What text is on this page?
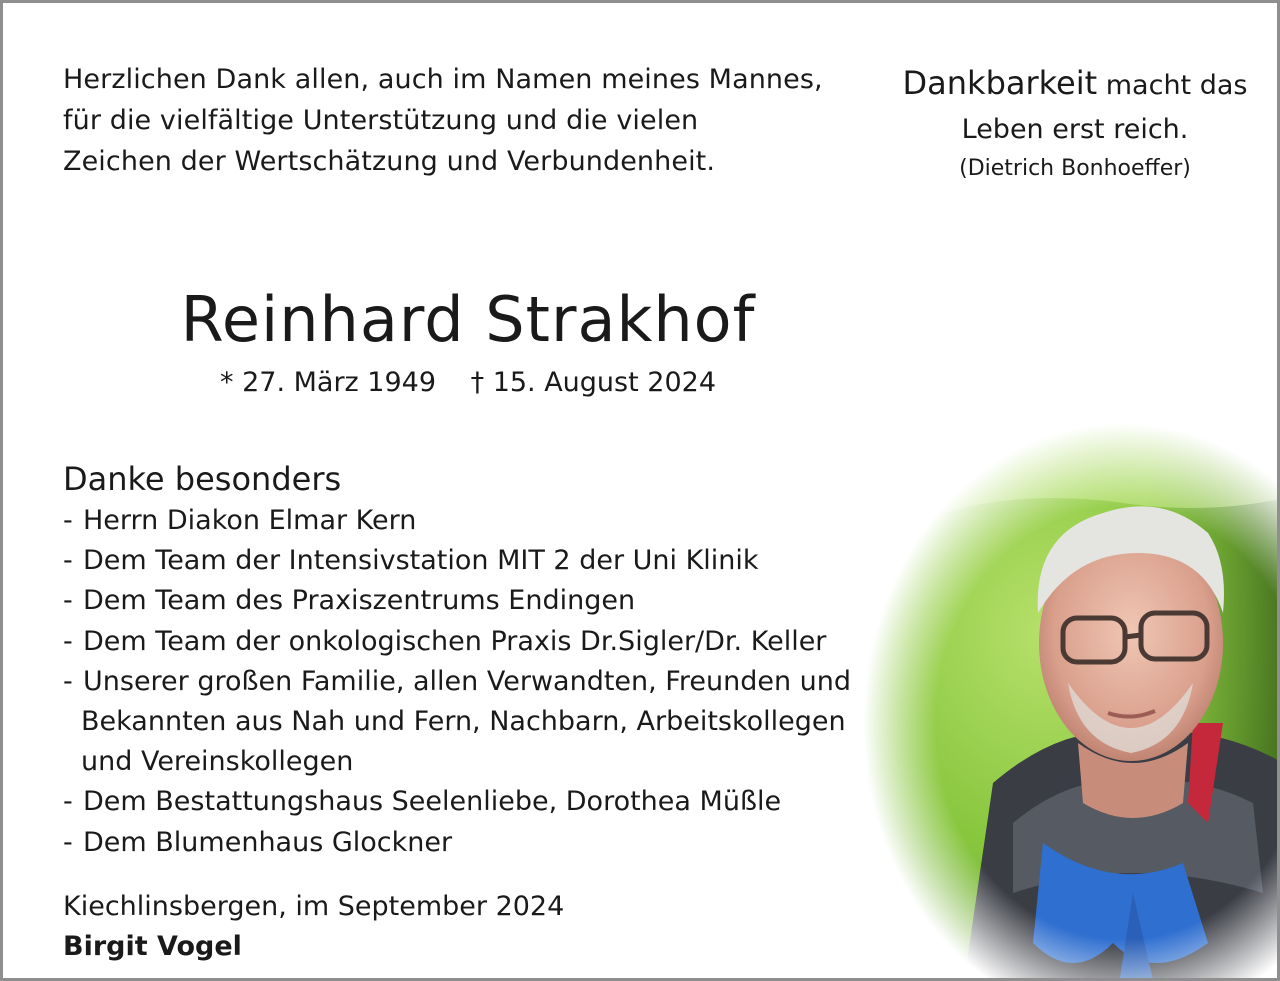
Herzlichen Dank allen, auch im Namen meines Mannes,
für die vielfältige Unterstützung und die vielen
Zeichen der Wertschätzung und Verbundenheit.
Dankbarkeit macht das
Leben erst reich.
(Dietrich Bonhoeffer)
Reinhard Strakhof
* 27. März 1949 † 15. August 2024
Danke besonders
- Herrn Diakon Elmar Kern
- Dem Team der Intensivstation MIT 2 der Uni Klinik
- Dem Team des Praxiszentrums Endingen
- Dem Team der onkologischen Praxis Dr.Sigler/Dr. Keller
- Unserer großen Familie, allen Verwandten, Freunden und
Bekannten aus Nah und Fern, Nachbarn, Arbeitskollegen
und Vereinskollegen
- Dem Bestattungshaus Seelenliebe, Dorothea Müßle
- Dem Blumenhaus Glockner
Kiechlinsbergen, im September 2024
Birgit Vogel
